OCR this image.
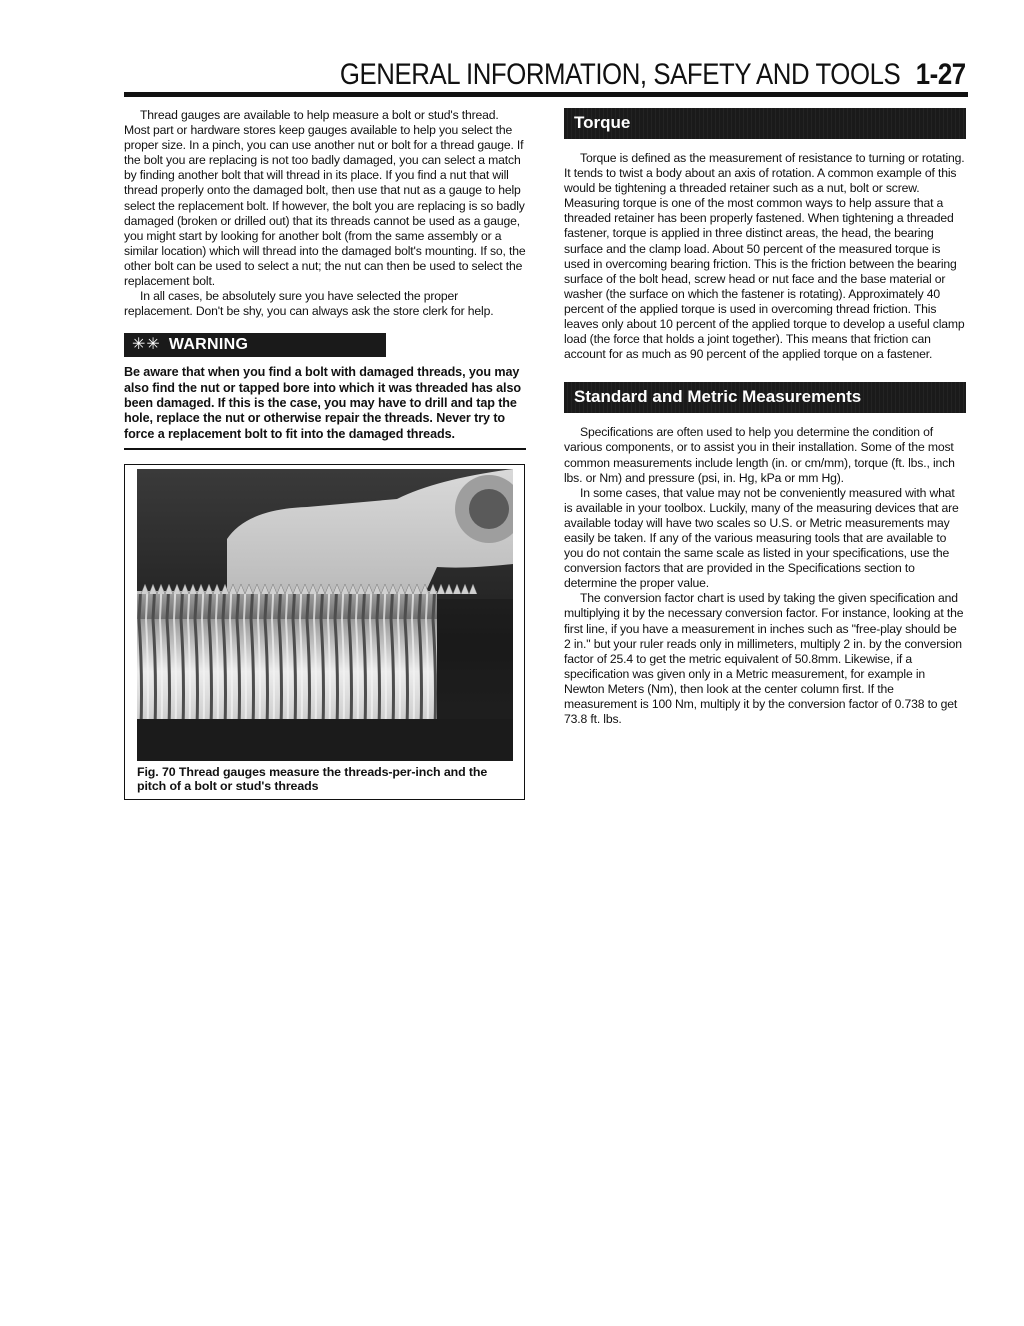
GENERAL INFORMATION, SAFETY AND TOOLS 1-27

Thread gauges are available to help measure a bolt or stud's thread. Most part or hardware stores keep gauges available to help you select the proper size. In a pinch, you can use another nut or bolt for a thread gauge. If the bolt you are replacing is not too badly damaged, you can select a match by finding another bolt that will thread in its place. If you find a nut that will thread properly onto the damaged bolt, then use that nut as a gauge to help select the replacement bolt. If however, the bolt you are replacing is so badly damaged (broken or drilled out) that its threads cannot be used as a gauge, you might start by looking for another bolt (from the same assembly or a similar location) which will thread into the damaged bolt's mounting. If so, the other bolt can be used to select a nut; the nut can then be used to select the replacement bolt.
In all cases, be absolutely sure you have selected the proper replacement. Don't be shy, you can always ask the store clerk for help.

✳✳ WARNING

Be aware that when you find a bolt with damaged threads, you may also find the nut or tapped bore into which it was threaded has also been damaged. If this is the case, you may have to drill and tap the hole, replace the nut or otherwise repair the threads. Never try to force a replacement bolt to fit into the damaged threads.

Fig. 70 Thread gauges measure the threads-per-inch and the pitch of a bolt or stud's threads
Torque

Torque is defined as the measurement of resistance to turning or rotating. It tends to twist a body about an axis of rotation. A common example of this would be tightening a threaded retainer such as a nut, bolt or screw. Measuring torque is one of the most common ways to help assure that a threaded retainer has been properly fastened. When tightening a threaded fastener, torque is applied in three distinct areas, the head, the bearing surface and the clamp load. About 50 percent of the measured torque is used in overcoming bearing friction. This is the friction between the bearing surface of the bolt head, screw head or nut face and the base material or washer (the surface on which the fastener is rotating). Approximately 40 percent of the applied torque is used in overcoming thread friction. This leaves only about 10 percent of the applied torque to develop a useful clamp load (the force that holds a joint together). This means that friction can account for as much as 90 percent of the applied torque on a fastener.

Standard and Metric Measurements

Specifications are often used to help you determine the condition of various components, or to assist you in their installation. Some of the most common measurements include length (in. or cm/mm), torque (ft. lbs., inch lbs. or Nm) and pressure (psi, in. Hg, kPa or mm Hg).
In some cases, that value may not be conveniently measured with what is available in your toolbox. Luckily, many of the measuring devices that are available today will have two scales so U.S. or Metric measurements may easily be taken. If any of the various measuring tools that are available to you do not contain the same scale as listed in your specifications, use the conversion factors that are provided in the Specifications section to determine the proper value.
The conversion factor chart is used by taking the given specification and multiplying it by the necessary conversion factor. For instance, looking at the first line, if you have a measurement in inches such as "free-play should be 2 in." but your ruler reads only in millimeters, multiply 2 in. by the conversion factor of 25.4 to get the metric equivalent of 50.8mm. Likewise, if a specification was given only in a Metric measurement, for example in Newton Meters (Nm), then look at the center column first. If the measurement is 100 Nm, multiply it by the conversion factor of 0.738 to get 73.8 ft. lbs.
